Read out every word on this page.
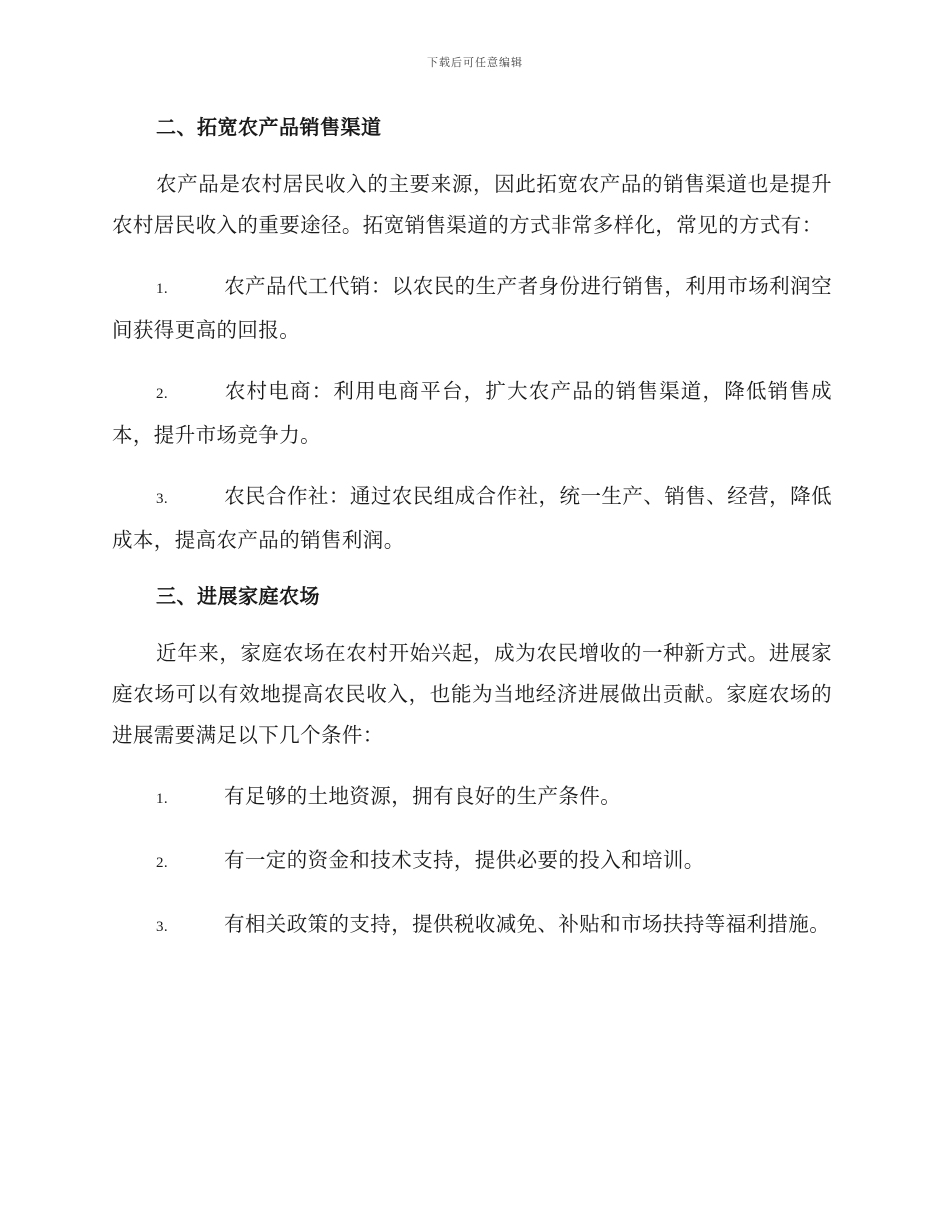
下载后可任意编辑
二、拓宽农产品销售渠道

农产品是农村居民收入的主要来源，因此拓宽农产品的销售渠道也是提升农村居民收入的重要途径。拓宽销售渠道的方式非常多样化，常见的方式有：

1.	农产品代工代销：以农民的生产者身份进行销售，利用市场利润空间获得更高的回报。

2.	农村电商：利用电商平台，扩大农产品的销售渠道，降低销售成本，提升市场竞争力。

3.	农民合作社：通过农民组成合作社，统一生产、销售、经营，降低成本，提高农产品的销售利润。

三、进展家庭农场

近年来，家庭农场在农村开始兴起，成为农民增收的一种新方式。进展家庭农场可以有效地提高农民收入，也能为当地经济进展做出贡献。家庭农场的进展需要满足以下几个条件：

1.	有足够的土地资源，拥有良好的生产条件。

2.	有一定的资金和技术支持，提供必要的投入和培训。

3.	有相关政策的支持，提供税收减免、补贴和市场扶持等福利措施。
